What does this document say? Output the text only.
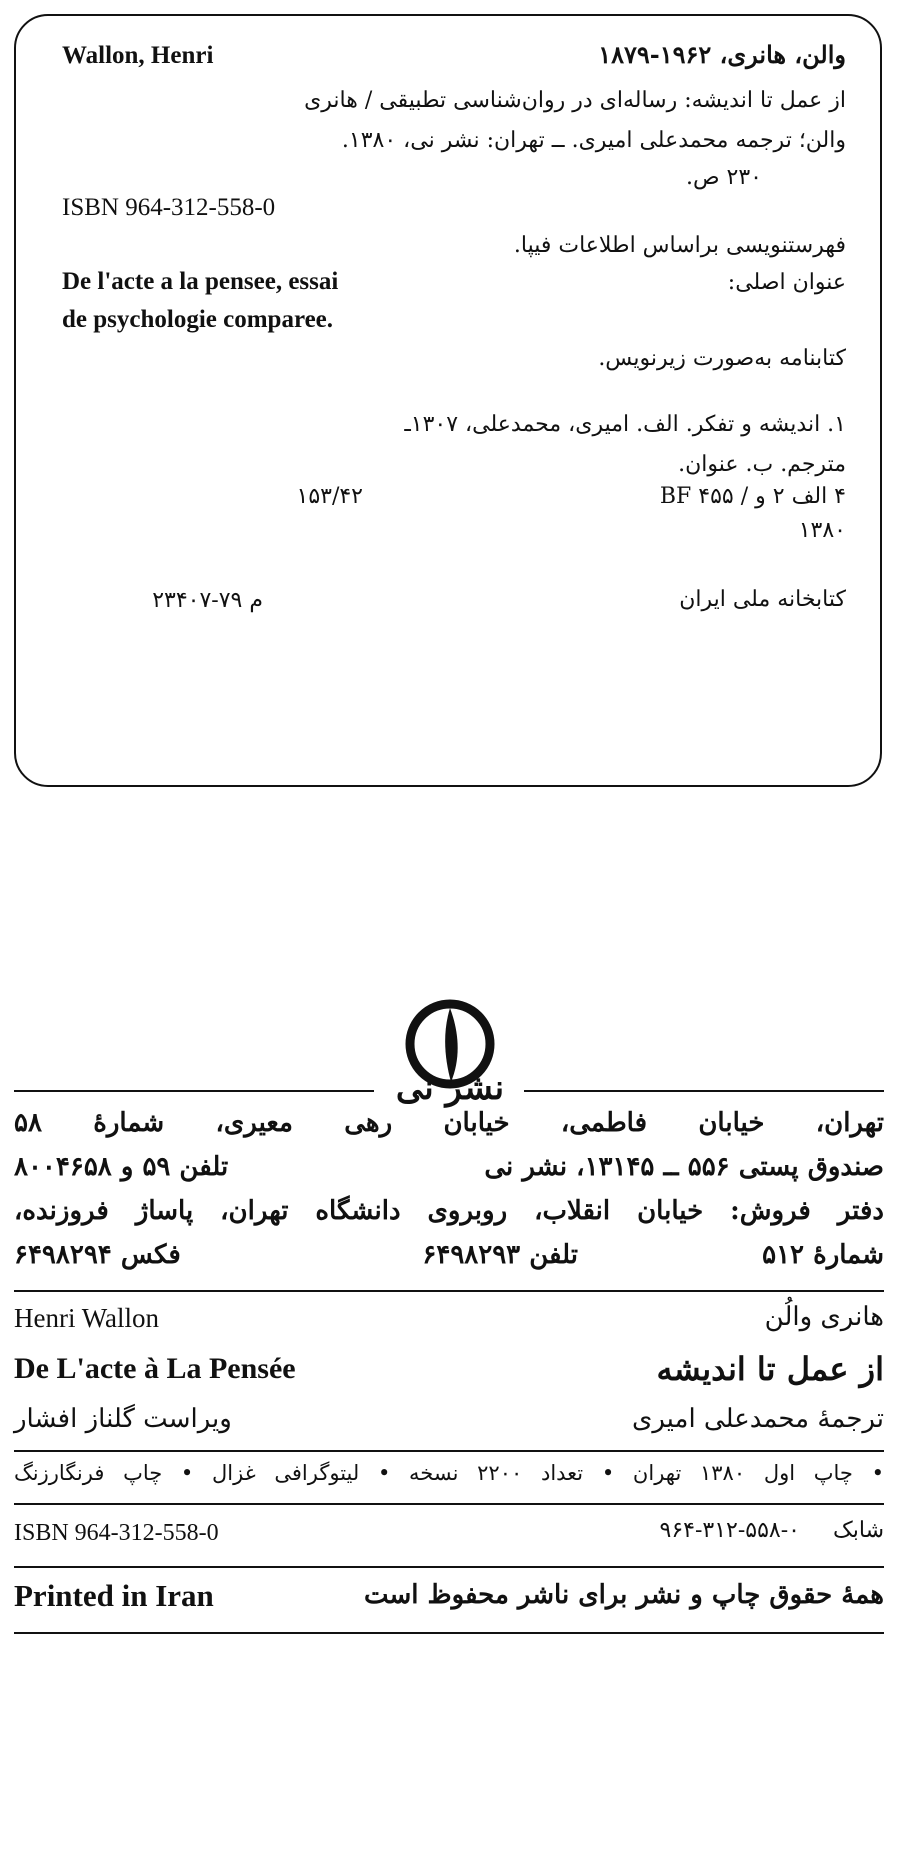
Wallon, Henri	والن، هانری، ۱۹۶۲-۱۸۷۹
از عمل تا اندیشه: رساله‌ای در روان‌شناسی تطبیقی / هانری
والن؛ ترجمه محمدعلی امیری. ــ تهران: نشر نی، ۱۳۸۰.
۲۳۰ ص.
ISBN 964-312-558-0
فهرستنویسی براساس اطلاعات فیپا.
عنوان اصلی:
De l'acte a la pensee, essai
de psychologie comparee.
کتابنامه به‌صورت زیرنویس.
۱. اندیشه و تفکر. الف. امیری، محمدعلی، ۱۳۰۷ـ
مترجم. ب. عنوان.
۴ الف ۲ و / ۴۵۵ BF
۱۵۳/۴۲
۱۳۸۰
کتابخانه ملی ایران
م ۷۹-۲۳۴۰۷
نشر نی
تهران، خیابان فاطمی، خیابان رهی معیری، شمارهٔ ۵۸
صندوق پستی ۵۵۶ ــ ۱۳۱۴۵، نشر نی
تلفن ۵۹ و ۸۰۰۴۶۵۸
دفتر فروش: خیابان انقلاب، روبروی دانشگاه تهران، پاساژ فروزنده،
شمارهٔ ۵۱۲
تلفن ۶۴۹۸۲۹۳
فکس ۶۴۹۸۲۹۴
Henri Wallon	هانری والُن
De L'acte à La Pensée	از عمل تا اندیشه
ترجمهٔ محمدعلی امیری
ویراست گلناز افشار
• چاپ اول ۱۳۸۰ تهران • تعداد ۲۲۰۰ نسخه • لیتوگرافی غزال • چاپ فرنگارزنگ
ISBN 964-312-558-0	شابک
۹۶۴-۳۱۲-۵۵۸-۰
Printed in Iran	همهٔ حقوق چاپ و نشر برای ناشر محفوظ است
